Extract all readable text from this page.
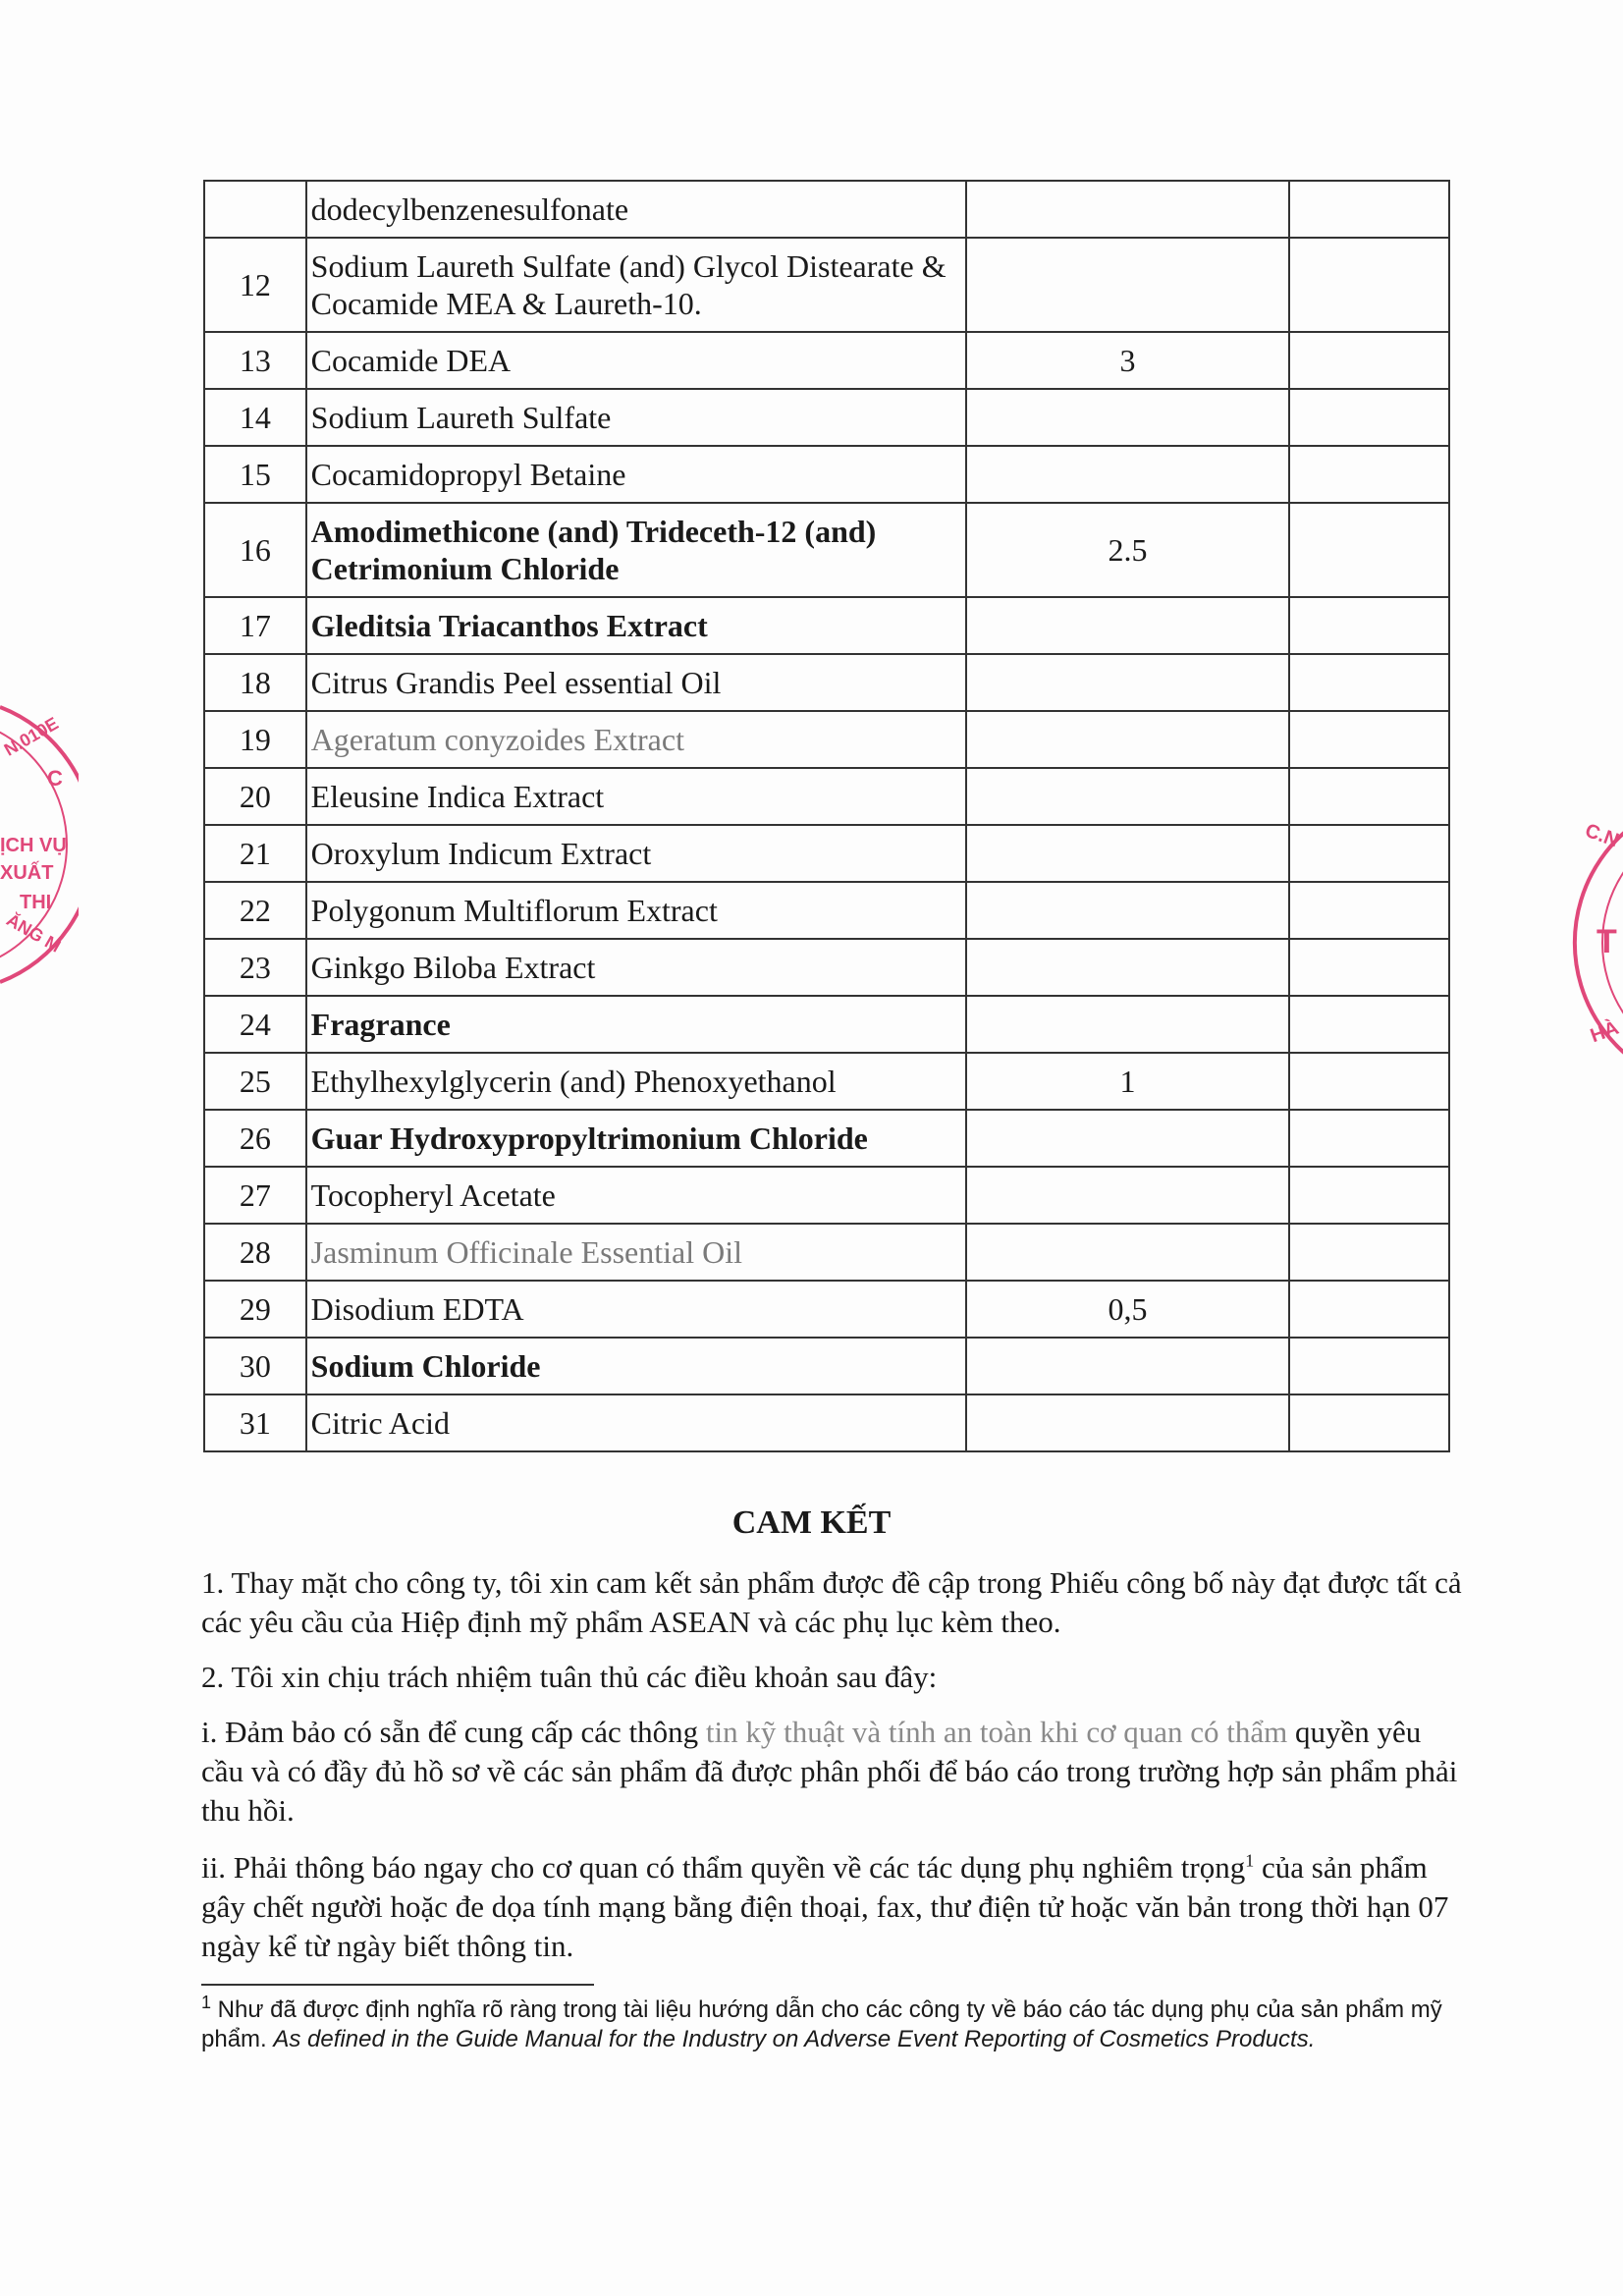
	dodecylbenzenesulfonate		
12	Sodium Laureth Sulfate (and) Glycol Distearate & Cocamide MEA & Laureth-10.		
13	Cocamide DEA	3	
14	Sodium Laureth Sulfate		
15	Cocamidopropyl Betaine		
16	Amodimethicone (and) Trideceth-12 (and) Cetrimonium Chloride	2.5	
17	Gleditsia Triacanthos Extract		
18	Citrus Grandis Peel essential Oil		
19	Ageratum conyzoides Extract		
20	Eleusine Indica Extract		
21	Oroxylum Indicum Extract		
22	Polygonum Multiflorum Extract		
23	Ginkgo Biloba Extract		
24	Fragrance		
25	Ethylhexylglycerin (and) Phenoxyethanol	1	
26	Guar Hydroxypropyltrimonium Chloride		
27	Tocopheryl Acetate		
28	Jasminum Officinale Essential Oil		
29	Disodium EDTA	0,5	
30	Sodium Chloride		
31	Citric Acid		
CAM KẾT
1. Thay mặt cho công ty, tôi xin cam kết sản phẩm được đề cập trong Phiếu công bố này đạt được tất cả các yêu cầu của Hiệp định mỹ phẩm ASEAN và các phụ lục kèm theo.
2. Tôi xin chịu trách nhiệm tuân thủ các điều khoản sau đây:
i. Đảm bảo có sẵn để cung cấp các thông tin kỹ thuật và tính an toàn khi cơ quan có thẩm quyền yêu cầu và có đầy đủ hồ sơ về các sản phẩm đã được phân phối để báo cáo trong trường hợp sản phẩm phải thu hồi.
ii. Phải thông báo ngay cho cơ quan có thẩm quyền về các tác dụng phụ nghiêm trọng$^1$ của sản phẩm gây chết người hoặc đe dọa tính mạng bằng điện thoại, fax, thư điện tử hoặc văn bản trong thời hạn 07 ngày kể từ ngày biết thông tin.
$^1$ Như đã được định nghĩa rõ ràng trong tài liệu hướng dẫn cho các công ty về báo cáo tác dụng phụ của sản phẩm mỹ phẩm. As defined in the Guide Manual for the Industry on Adverse Event Reporting of Cosmetics Products.
N.010E
C
ỊCH VỤ
XUẤT
THI
ĂNG M
C.N
T
HÀ
